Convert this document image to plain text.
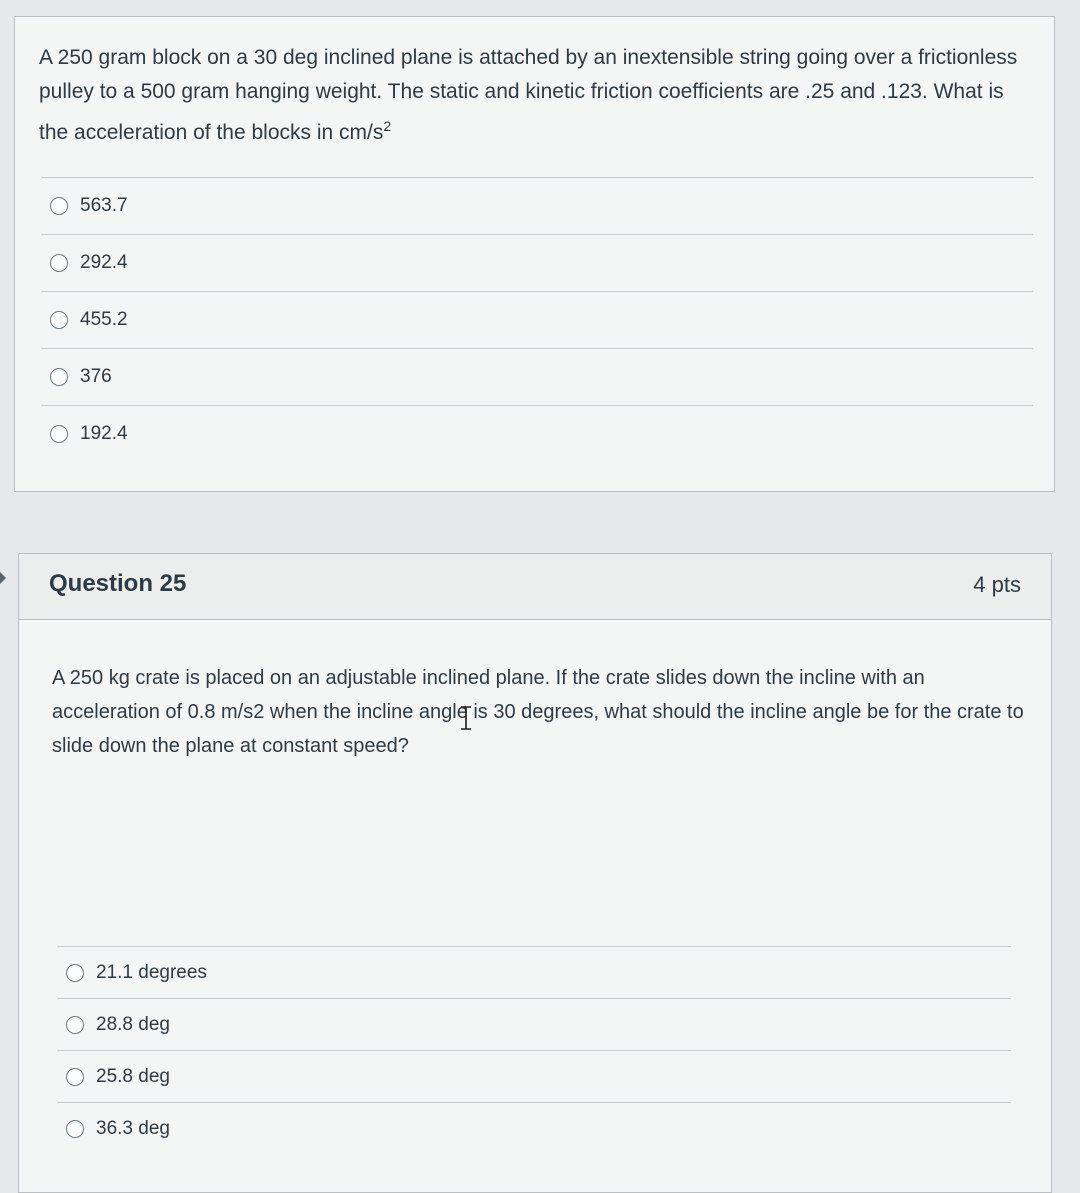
A 250 gram block on a 30 deg inclined plane is attached by an inextensible string going over a frictionless pulley to a 500 gram hanging weight. The static and kinetic friction coefficients are .25 and .123. What is the acceleration of the blocks in $cm/s^2$

563.7
292.4
455.2
376
192.4
Question 25	4 pts

A 250 kg crate is placed on an adjustable inclined plane. If the crate slides down the incline with an acceleration of 0.8 m/s2 when the incline angle is 30 degrees, what should the incline angle be for the crate to slide down the plane at constant speed?

21.1 degrees
28.8 deg
25.8 deg
36.3 deg
